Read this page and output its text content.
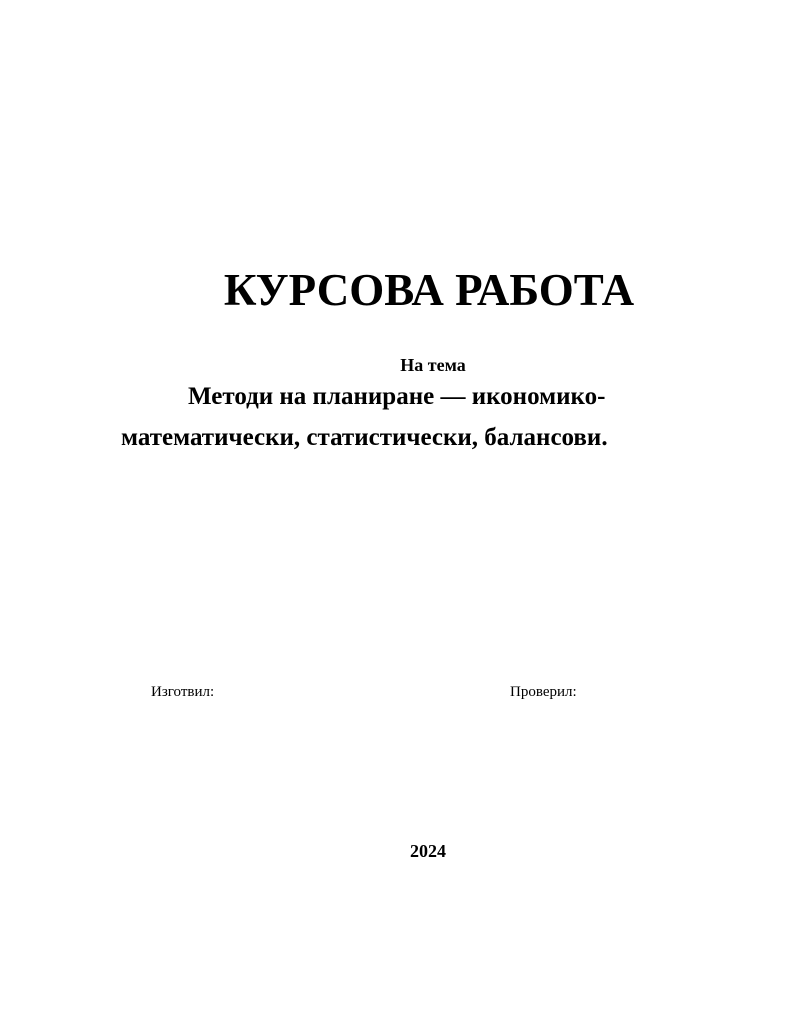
КУРСОВА РАБОТА
На тема
Методи на планиране — икономико-
математически, статистически, балансови.
Изготвил:	Проверил:
2024
